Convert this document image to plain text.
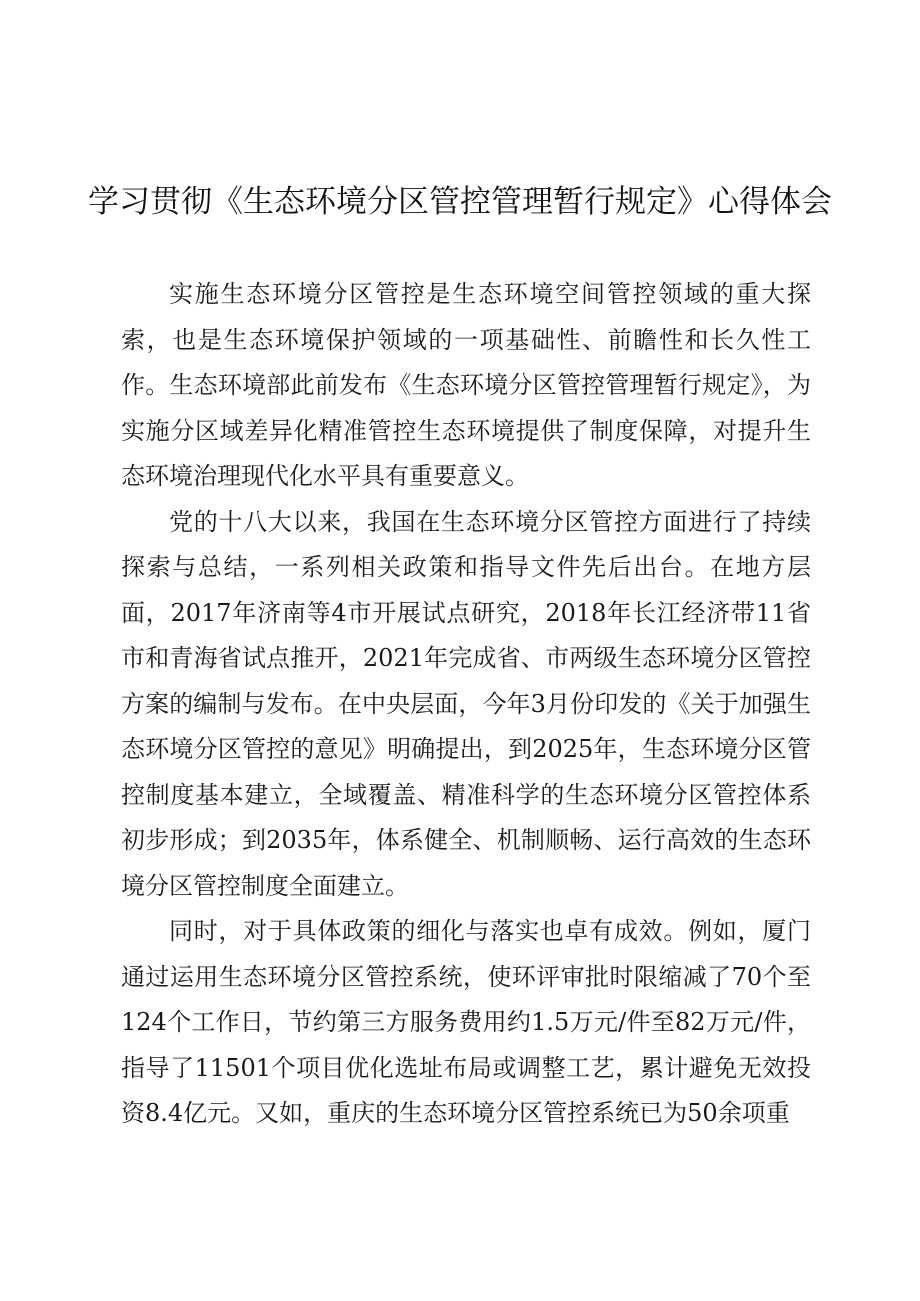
学习贯彻《生态环境分区管控管理暂行规定》心得体会

实施生态环境分区管控是生态环境空间管控领域的重大探索，也是生态环境保护领域的一项基础性、前瞻性和长久性工作。生态环境部此前发布《生态环境分区管控管理暂行规定》，为实施分区域差异化精准管控生态环境提供了制度保障，对提升生态环境治理现代化水平具有重要意义。

党的十八大以来，我国在生态环境分区管控方面进行了持续探索与总结，一系列相关政策和指导文件先后出台。在地方层面，2017年济南等4市开展试点研究，2018年长江经济带11省市和青海省试点推开，2021年完成省、市两级生态环境分区管控方案的编制与发布。在中央层面，今年3月份印发的《关于加强生态环境分区管控的意见》明确提出，到2025年，生态环境分区管控制度基本建立，全域覆盖、精准科学的生态环境分区管控体系初步形成；到2035年，体系健全、机制顺畅、运行高效的生态环境分区管控制度全面建立。

同时，对于具体政策的细化与落实也卓有成效。例如，厦门通过运用生态环境分区管控系统，使环评审批时限缩减了70个至124个工作日，节约第三方服务费用约1.5万元/件至82万元/件，指导了11501个项目优化选址布局或调整工艺，累计避免无效投资8.4亿元。又如，重庆的生态环境分区管控系统已为50余项重
